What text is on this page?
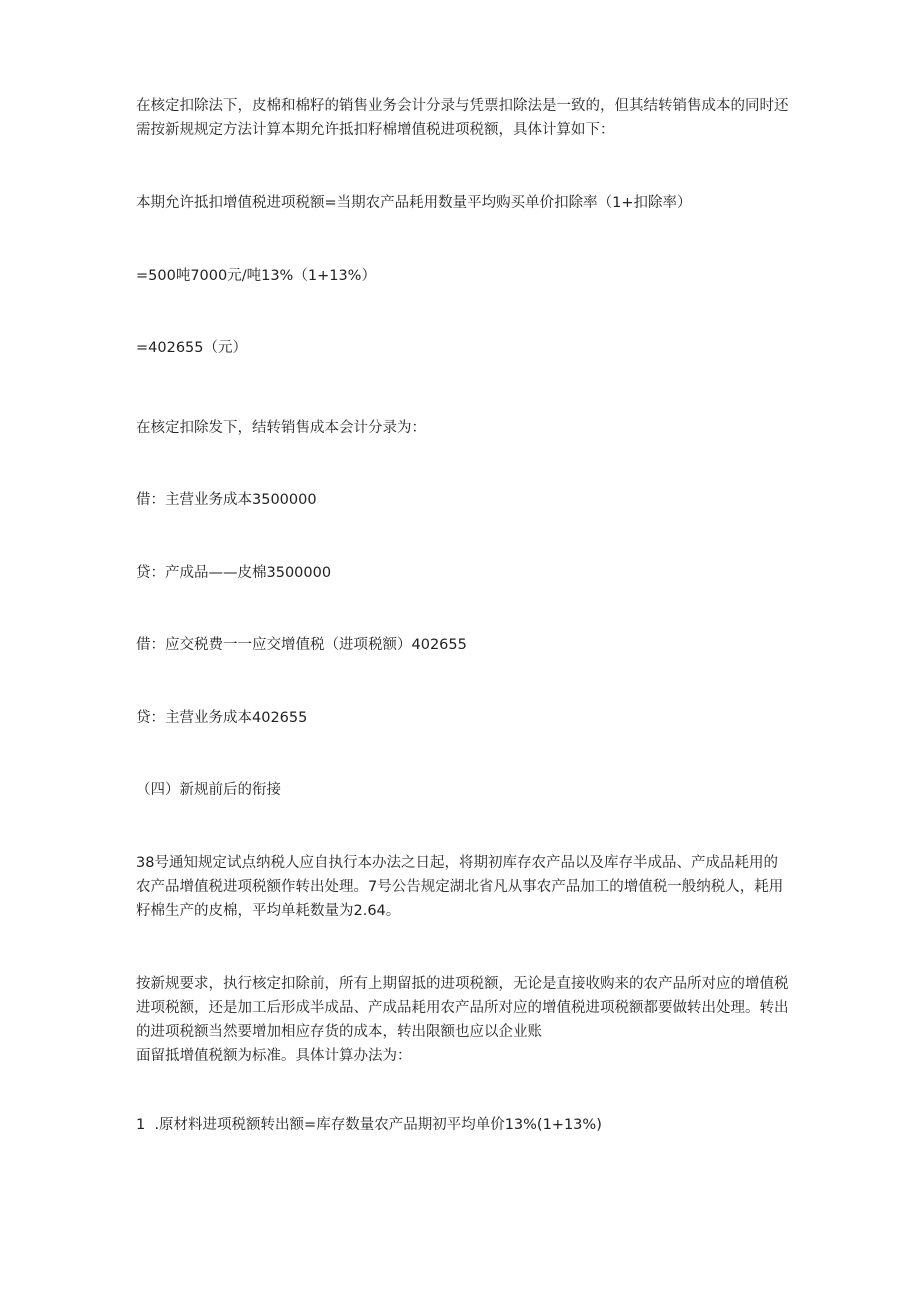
在核定扣除法下，皮棉和棉籽的销售业务会计分录与凭票扣除法是一致的，但其结转销售成本的同时还
需按新规规定方法计算本期允许抵扣籽棉增值税进项税额，具体计算如下：
本期允许抵扣增值税进项税额=当期农产品耗用数量平均购买单价扣除率（1+扣除率）
=500吨7000元/吨13%（1+13%）
=402655（元）
在核定扣除发下，结转销售成本会计分录为：
借：主营业务成本3500000
贷：产成品——皮棉3500000
借：应交税费一一应交增值税（进项税额）402655
贷：主营业务成本402655
（四）新规前后的衔接
38号通知规定试点纳税人应自执行本办法之日起，将期初库存农产品以及库存半成品、产成品耗用的
农产品增值税进项税额作转出处理。7号公告规定湖北省凡从事农产品加工的增值税一般纳税人，耗用
籽棉生产的皮棉，平均单耗数量为2.64。
按新规要求，执行核定扣除前，所有上期留抵的进项税额，无论是直接收购来的农产品所对应的增值税
进项税额，还是加工后形成半成品、产成品耗用农产品所对应的增值税进项税额都要做转出处理。转出
的进项税额当然要增加相应存货的成本，转出限额也应以企业账
面留抵增值税额为标准。具体计算办法为：
1  .原材料进项税额转出额=库存数量农产品期初平均单价13%(1+13%)
